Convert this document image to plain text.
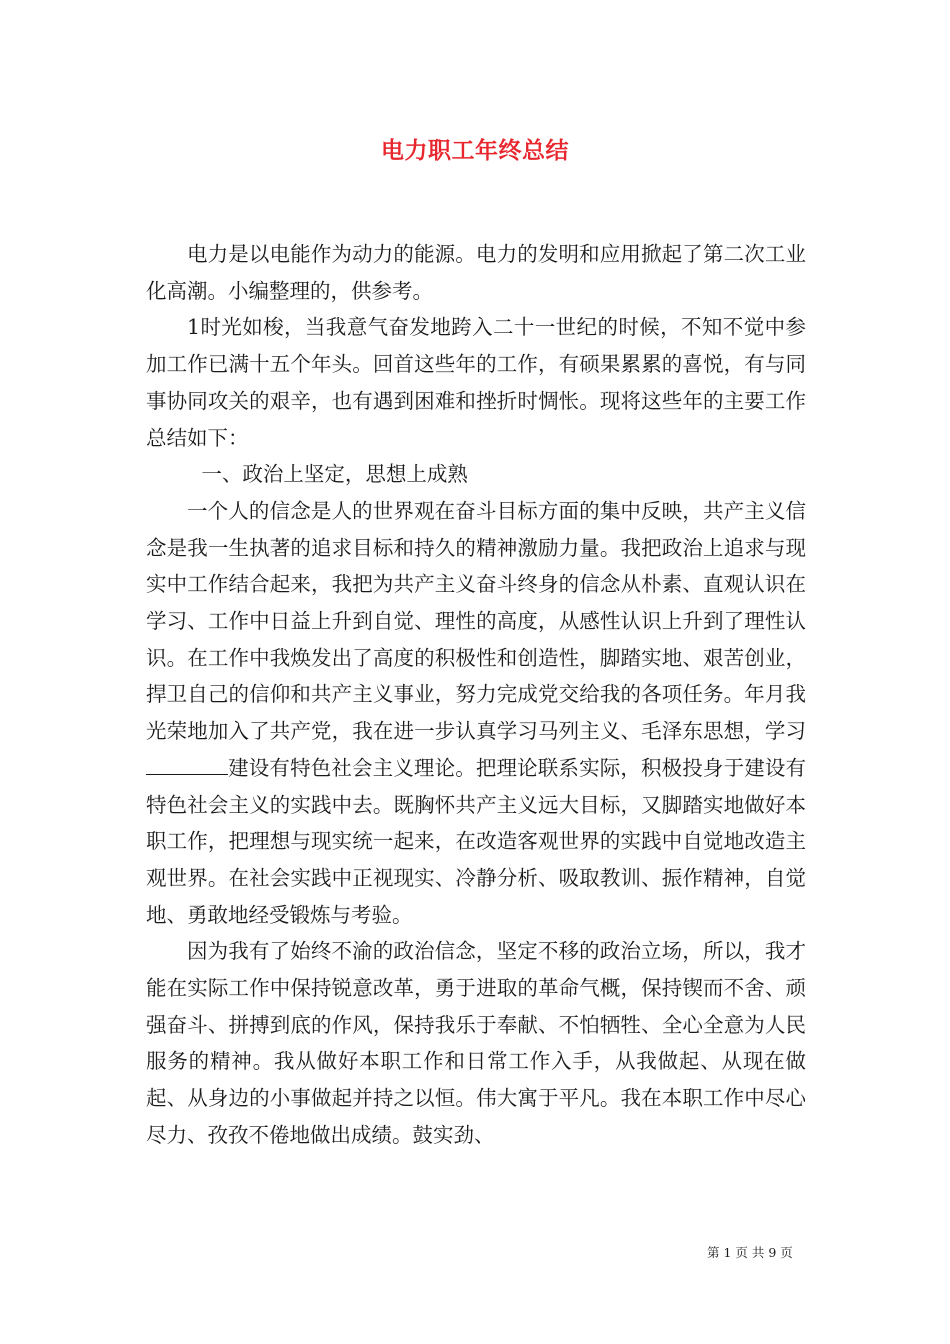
电力职工年终总结

电力是以电能作为动力的能源。电力的发明和应用掀起了第二次工业化高潮。小编整理的，供参考。

1时光如梭，当我意气奋发地跨入二十一世纪的时候，不知不觉中参加工作已满十五个年头。回首这些年的工作，有硕果累累的喜悦，有与同事协同攻关的艰辛，也有遇到困难和挫折时惆怅。现将这些年的主要工作总结如下：

一、政治上坚定，思想上成熟

一个人的信念是人的世界观在奋斗目标方面的集中反映，共产主义信念是我一生执著的追求目标和持久的精神激励力量。我把政治上追求与现实中工作结合起来，我把为共产主义奋斗终身的信念从朴素、直观认识在学习、工作中日益上升到自觉、理性的高度，从感性认识上升到了理性认识。在工作中我焕发出了高度的积极性和创造性，脚踏实地、艰苦创业，捍卫自己的信仰和共产主义事业，努力完成党交给我的各项任务。年月我光荣地加入了共产党，我在进一步认真学习马列主义、毛泽东思想，学习建设有特色社会主义理论。把理论联系实际，积极投身于建设有特色社会主义的实践中去。既胸怀共产主义远大目标，又脚踏实地做好本职工作，把理想与现实统一起来，在改造客观世界的实践中自觉地改造主观世界。在社会实践中正视现实、冷静分析、吸取教训、振作精神，自觉地、勇敢地经受锻炼与考验。

因为我有了始终不渝的政治信念，坚定不移的政治立场，所以，我才能在实际工作中保持锐意改革，勇于进取的革命气概，保持锲而不舍、顽强奋斗、拼搏到底的作风，保持我乐于奉献、不怕牺牲、全心全意为人民服务的精神。我从做好本职工作和日常工作入手，从我做起、从现在做起、从身边的小事做起并持之以恒。伟大寓于平凡。我在本职工作中尽心尽力、孜孜不倦地做出成绩。鼓实劲、

第 1 页 共 9 页
